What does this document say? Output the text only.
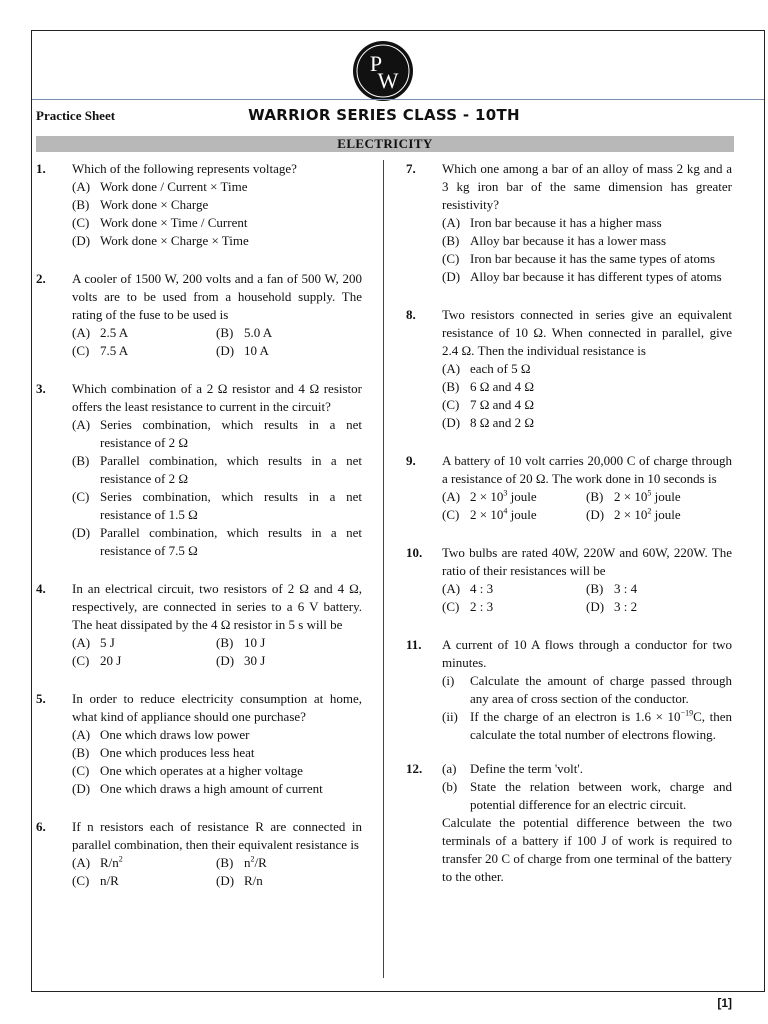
P
W
Practice Sheet	WARRIOR SERIES CLASS - 10TH
ELECTRICITY
1. Which of the following represents voltage?
(A) Work done / Current × Time
(B) Work done × Charge
(C) Work done × Time / Current
(D) Work done × Charge × Time
2. A cooler of 1500 W, 200 volts and a fan of 500 W, 200 volts are to be used from a household supply. The rating of the fuse to be used is
(A) 2.5 A	(B) 5.0 A
(C) 7.5 A	(D) 10 A
3. Which combination of a 2 Ω resistor and 4 Ω resistor offers the least resistance to current in the circuit?
(A) Series combination, which results in a net resistance of 2 Ω
(B) Parallel combination, which results in a net resistance of 2 Ω
(C) Series combination, which results in a net resistance of 1.5 Ω
(D) Parallel combination, which results in a net resistance of 7.5 Ω
4. In an electrical circuit, two resistors of 2 Ω and 4 Ω, respectively, are connected in series to a 6 V battery. The heat dissipated by the 4 Ω resistor in 5 s will be
(A) 5 J	(B) 10 J
(C) 20 J	(D) 30 J
5. In order to reduce electricity consumption at home, what kind of appliance should one purchase?
(A) One which draws low power
(B) One which produces less heat
(C) One which operates at a higher voltage
(D) One which draws a high amount of current
6. If n resistors each of resistance R are connected in parallel combination, then their equivalent resistance is
(A) $R/n^2$	(B) $n^2/R$
(C) n/R	(D) R/n
7. Which one among a bar of an alloy of mass 2 kg and a 3 kg iron bar of the same dimension has greater resistivity?
(A) Iron bar because it has a higher mass
(B) Alloy bar because it has a lower mass
(C) Iron bar because it has the same types of atoms
(D) Alloy bar because it has different types of atoms
8. Two resistors connected in series give an equivalent resistance of 10 Ω. When connected in parallel, give 2.4 Ω. Then the individual resistance is
(A) each of 5 Ω
(B) 6 Ω and 4 Ω
(C) 7 Ω and 4 Ω
(D) 8 Ω and 2 Ω
9. A battery of 10 volt carries 20,000 C of charge through a resistance of 20 Ω. The work done in 10 seconds is
(A) $2 \times 10^3$ joule	(B) $2 \times 10^5$ joule
(C) $2 \times 10^4$ joule	(D) $2 \times 10^2$ joule
10. Two bulbs are rated 40W, 220W and 60W, 220W. The ratio of their resistances will be
(A) 4 : 3	(B) 3 : 4
(C) 2 : 3	(D) 3 : 2
11. A current of 10 A flows through a conductor for two minutes.
(i) Calculate the amount of charge passed through any area of cross section of the conductor.
(ii) If the charge of an electron is $1.6 \times 10^{-19}C$, then calculate the total number of electrons flowing.
12. (a) Define the term 'volt'.
(b) State the relation between work, charge and potential difference for an electric circuit.
Calculate the potential difference between the two terminals of a battery if 100 J of work is required to transfer 20 C of charge from one terminal of the battery to the other.
[1]
